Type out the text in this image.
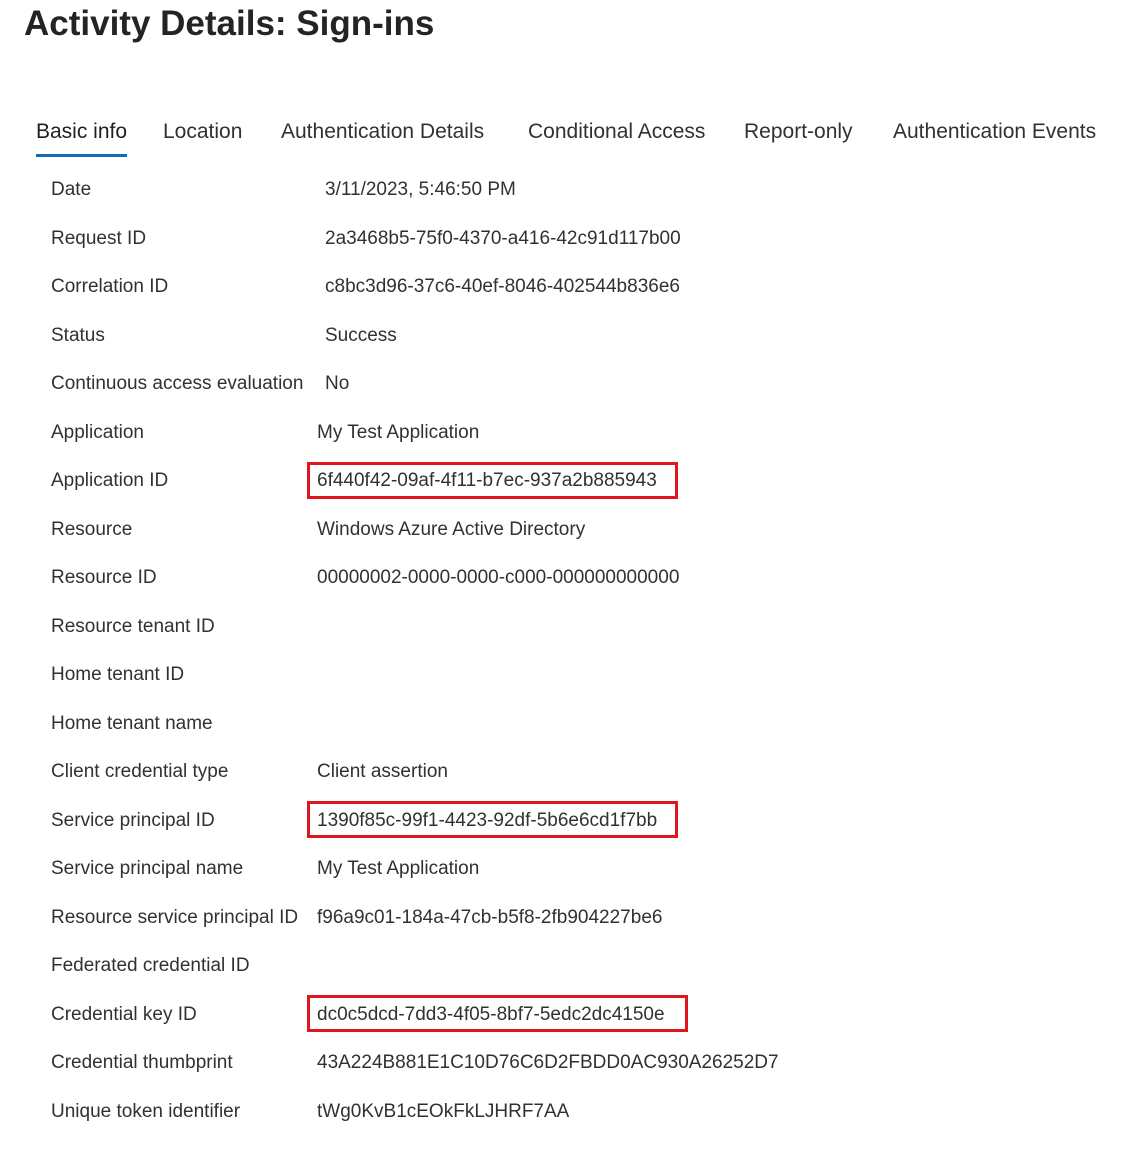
Activity Details: Sign-ins
Basic info Location Authentication Details Conditional Access Report-only Authentication Events
Date	3/11/2023, 5:46:50 PM
Request ID	2a3468b5-75f0-4370-a416-42c91d117b00
Correlation ID	c8bc3d96-37c6-40ef-8046-402544b836e6
Status	Success
Continuous access evaluation No
Application	My Test Application
Application ID	6f440f42-09af-4f11-b7ec-937a2b885943
Resource	Windows Azure Active Directory
Resource ID	00000002-0000-0000-c000-000000000000
Resource tenant ID
Home tenant ID
Home tenant name
Client credential type	Client assertion
Service principal ID	1390f85c-99f1-4423-92df-5b6e6cd1f7bb
Service principal name	My Test Application
Resource service principal ID f96a9c01-184a-47cb-b5f8-2fb904227be6
Federated credential ID
Credential key ID	dc0c5dcd-7dd3-4f05-8bf7-5edc2dc4150e
Credential thumbprint	43A224B881E1C10D76C6D2FBDD0AC930A26252D7
Unique token identifier	tWg0KvB1cEOkFkLJHRF7AA
